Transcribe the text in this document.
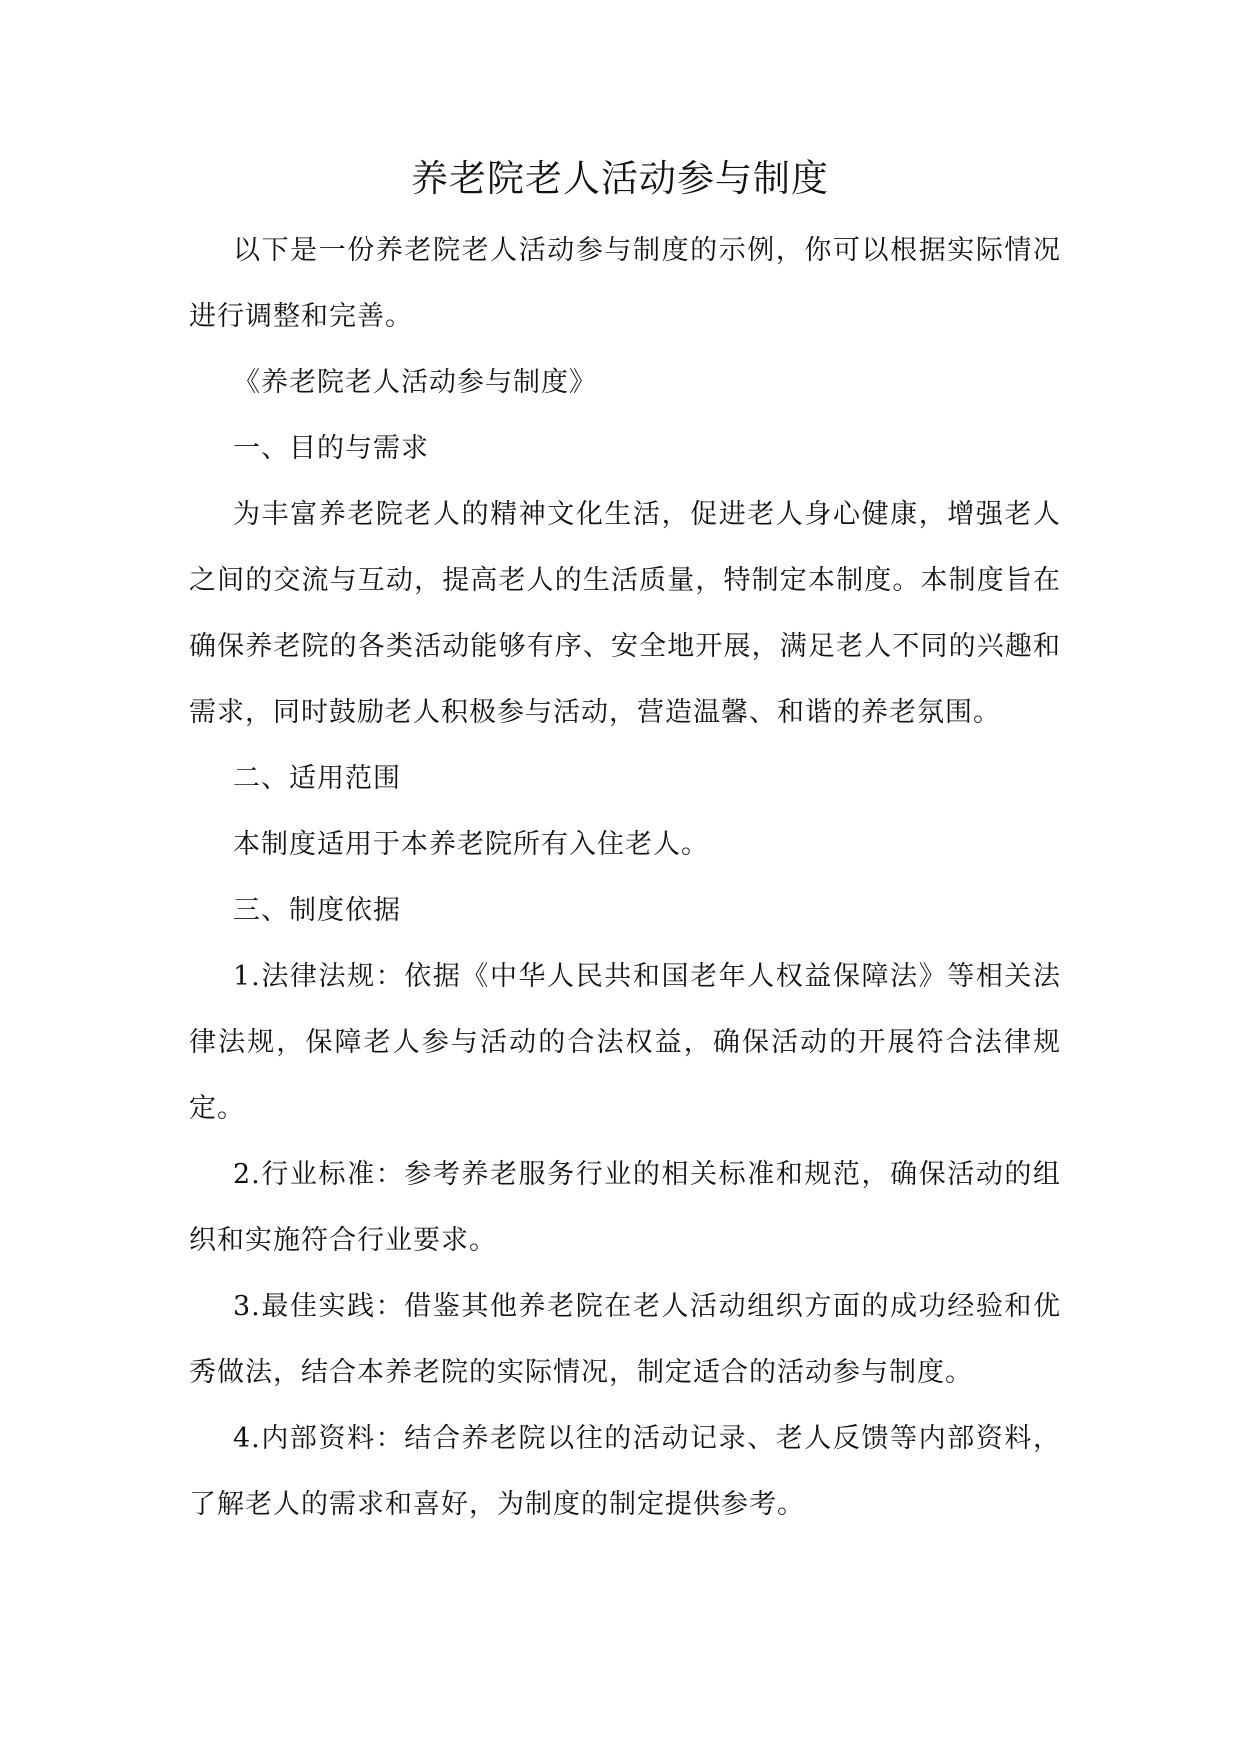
养老院老人活动参与制度

以下是一份养老院老人活动参与制度的示例，你可以根据实际情况进行调整和完善。

《养老院老人活动参与制度》

一、目的与需求

为丰富养老院老人的精神文化生活，促进老人身心健康，增强老人之间的交流与互动，提高老人的生活质量，特制定本制度。本制度旨在确保养老院的各类活动能够有序、安全地开展，满足老人不同的兴趣和需求，同时鼓励老人积极参与活动，营造温馨、和谐的养老氛围。

二、适用范围

本制度适用于本养老院所有入住老人。

三、制度依据

1.法律法规：依据《中华人民共和国老年人权益保障法》等相关法律法规，保障老人参与活动的合法权益，确保活动的开展符合法律规定。

2.行业标准：参考养老服务行业的相关标准和规范，确保活动的组织和实施符合行业要求。

3.最佳实践：借鉴其他养老院在老人活动组织方面的成功经验和优秀做法，结合本养老院的实际情况，制定适合的活动参与制度。

4.内部资料：结合养老院以往的活动记录、老人反馈等内部资料，了解老人的需求和喜好，为制度的制定提供参考。
